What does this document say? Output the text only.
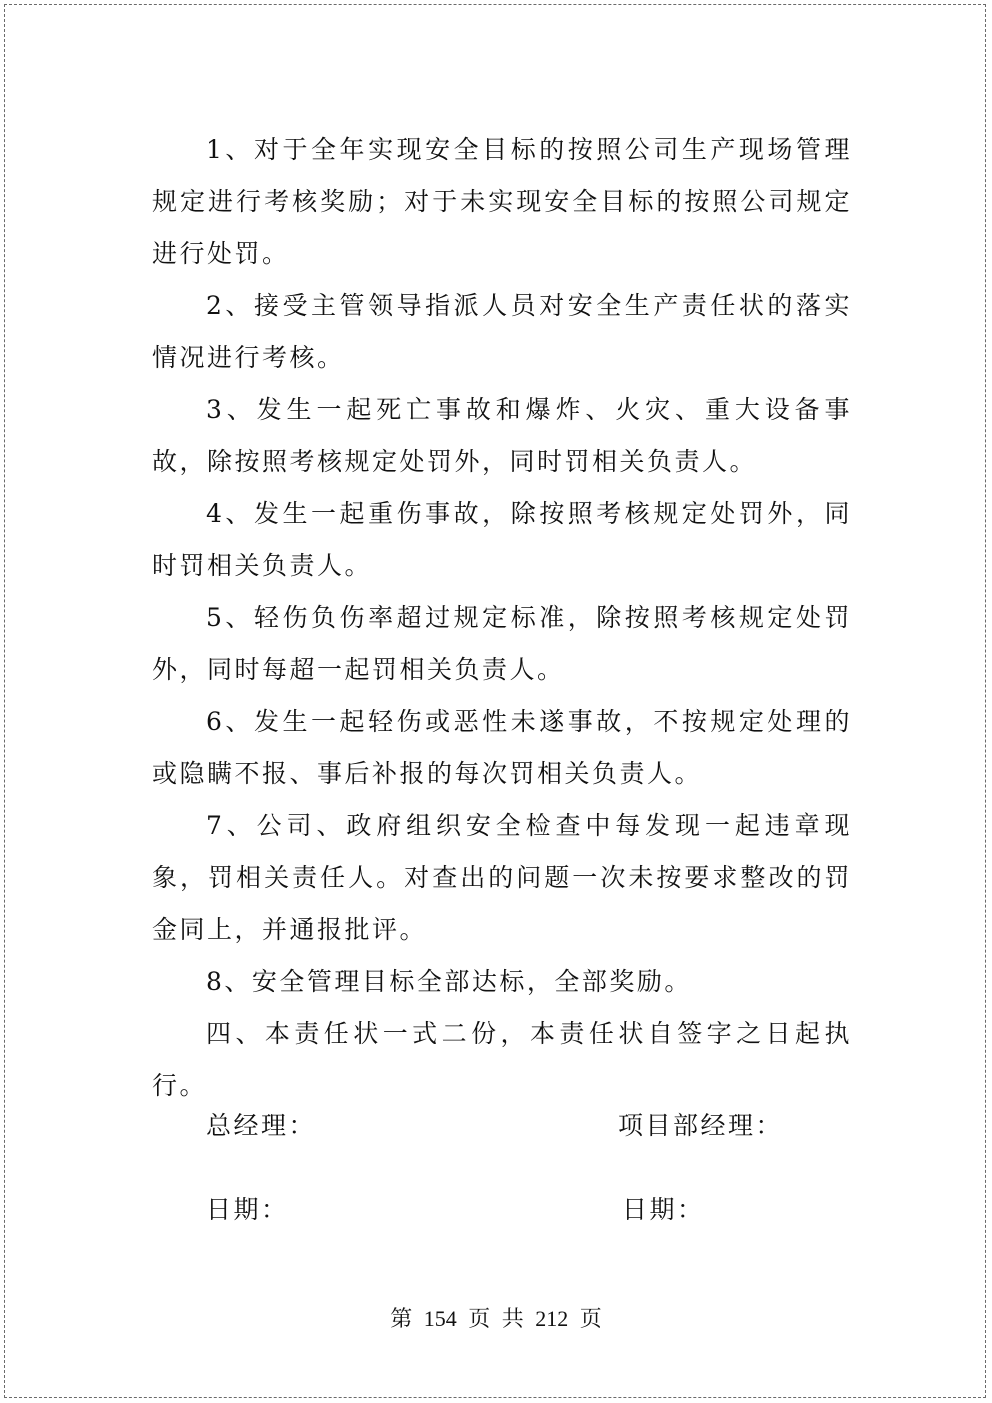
1、对于全年实现安全目标的按照公司生产现场管理规定进行考核奖励；对于未实现安全目标的按照公司规定进行处罚。

2、接受主管领导指派人员对安全生产责任状的落实情况进行考核。

3、发生一起死亡事故和爆炸、火灾、重大设备事故，除按照考核规定处罚外，同时罚相关负责人。

4、发生一起重伤事故，除按照考核规定处罚外，同时罚相关负责人。

5、轻伤负伤率超过规定标准，除按照考核规定处罚外，同时每超一起罚相关负责人。

6、发生一起轻伤或恶性未遂事故，不按规定处理的或隐瞒不报、事后补报的每次罚相关负责人。

7、公司、政府组织安全检查中每发现一起违章现象，罚相关责任人。对查出的问题一次未按要求整改的罚金同上，并通报批评。

8、安全管理目标全部达标，全部奖励。

四、本责任状一式二份，本责任状自签字之日起执行。

总经理：	项目部经理：
日期：	日期：
第 154 页 共 212 页
